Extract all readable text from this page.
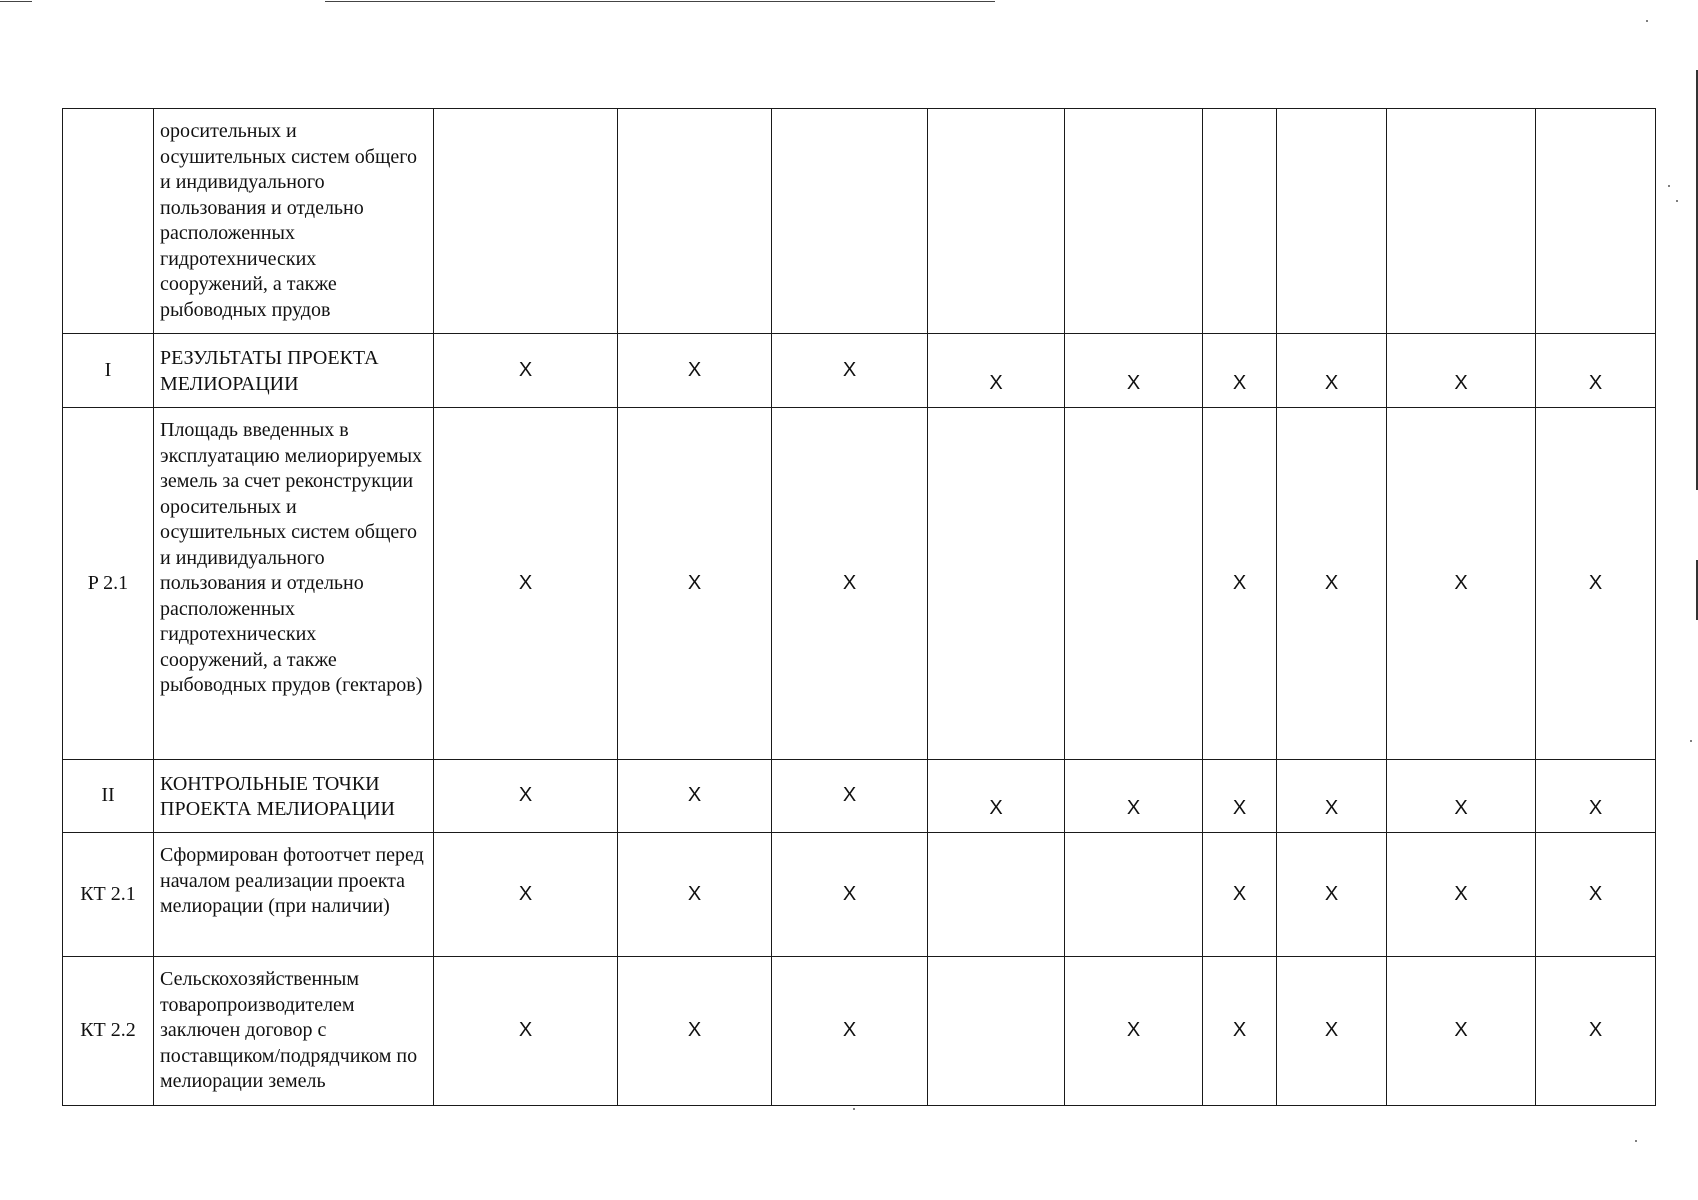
	оросительных и осушительных систем общего и индивидуального пользования и отдельно расположенных гидротехнических сооружений, а также рыбоводных прудов									
I	РЕЗУЛЬТАТЫ ПРОЕКТА МЕЛИОРАЦИИ	X	X	X	X	X	X	X	X	X
P 2.1	Площадь введенных в эксплуатацию мелиорируемых земель за счет реконструкции оросительных и осушительных систем общего и индивидуального пользования и отдельно расположенных гидротехнических сооружений, а также рыбоводных прудов (гектаров)	X	X	X			X	X	X	X
II	КОНТРОЛЬНЫЕ ТОЧКИ ПРОЕКТА МЕЛИОРАЦИИ	X	X	X	X	X	X	X	X	X
КТ 2.1	Сформирован фотоотчет перед началом реализации проекта мелиорации (при наличии)	X	X	X			X	X	X	X
КТ 2.2	Сельскохозяйственным товаропроизводителем заключен договор с поставщиком/подрядчиком по мелиорации земель	X	X	X		X	X	X	X	X
